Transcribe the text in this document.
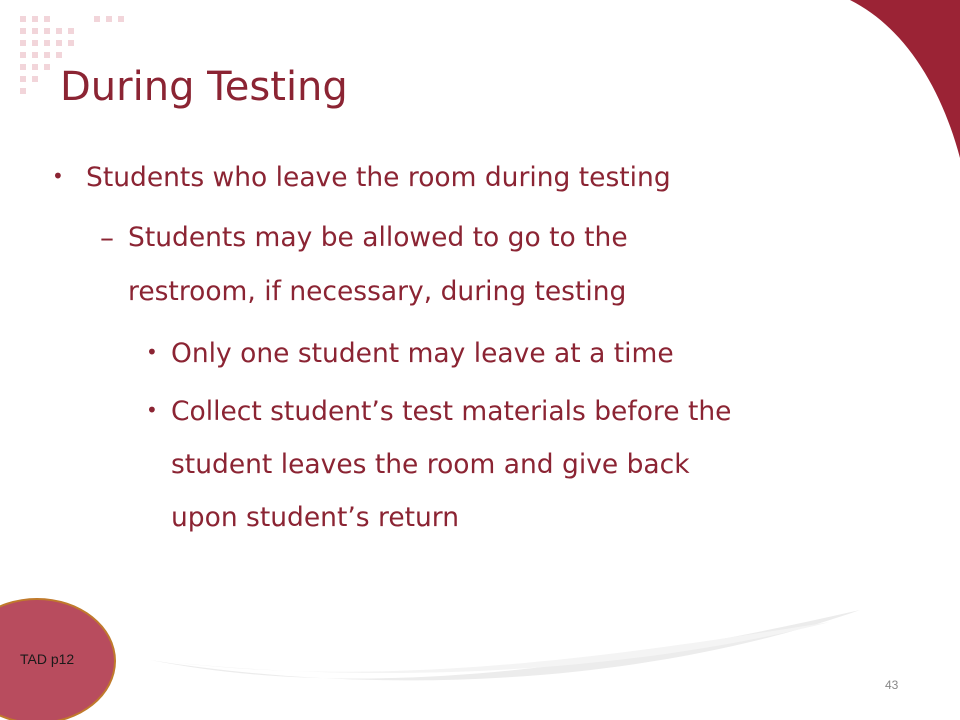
During Testing
• Students who leave the room during testing

– Students may be allowed to go to the

restroom, if necessary, during testing

• Only one student may leave at a time

• Collect student’s test materials before the

student leaves the room and give back

upon student’s return

TAD p12
43
